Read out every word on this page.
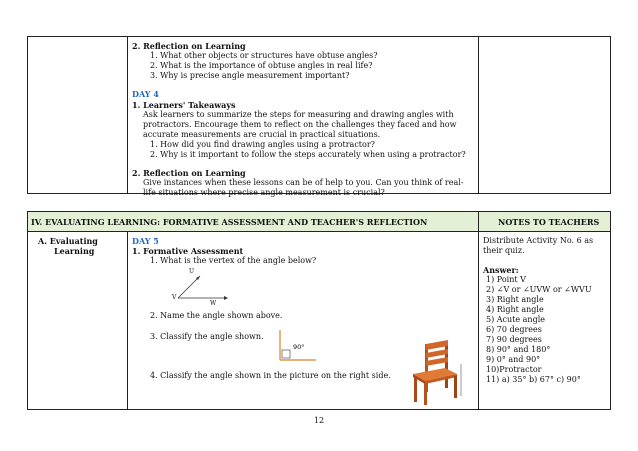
2. Reflection on Learning
1. What other objects or structures have obtuse angles?
2. What is the importance of obtuse angles in real life?
3. Why is precise angle measurement important?
DAY 4
1. Learners' Takeaways
Ask learners to summarize the steps for measuring and drawing angles with
protractors. Encourage them to reflect on the challenges they faced and how
accurate measurements are crucial in practical situations.
1. How did you find drawing angles using a protractor?
2. Why is it important to follow the steps accurately when using a protractor?
2. Reflection on Learning
Give instances when these lessons can be of help to you. Can you think of real-
life situations where precise angle measurement is crucial?
IV. EVALUATING LEARNING: FORMATIVE ASSESSMENT AND TEACHER'S REFLECTION	NOTES TO TEACHERS
A. Evaluating
Learning
DAY 5
1. Formative Assessment
1. What is the vertex of the angle below?
U
V
W
2. Name the angle shown above.
3. Classify the angle shown.
90°
4. Classify the angle shown in the picture on the right side.
Distribute Activity No. 6 as
their quiz.
Answer:
1) Point V
2) ∠V or ∠UVW or ∠WVU
3) Right angle
4) Right angle
5) Acute angle
6) 70 degrees
7) 90 degrees
8) 90° and 180°
9) 0° and 90°
10)Protractor
11) a) 35° b) 67° c) 90°
12
